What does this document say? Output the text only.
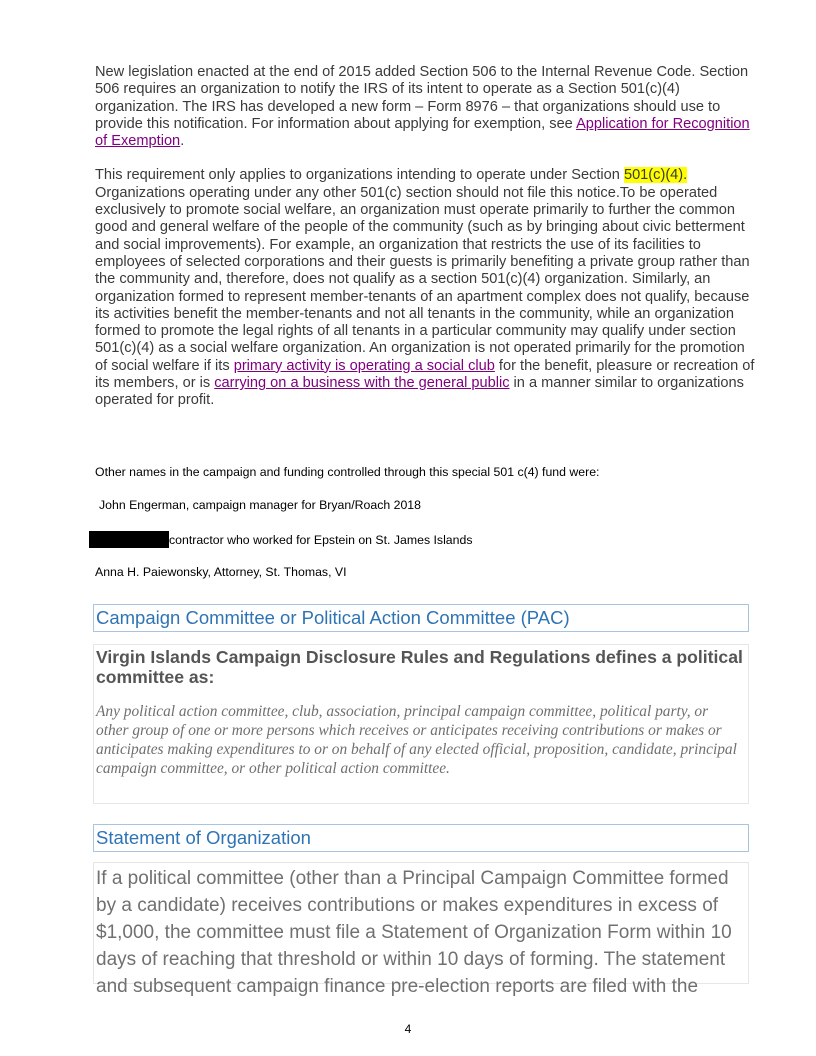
New legislation enacted at the end of 2015 added Section 506 to the Internal Revenue Code. Section 506 requires an organization to notify the IRS of its intent to operate as a Section 501(c)(4) organization. The IRS has developed a new form – Form 8976 – that organizations should use to provide this notification. For information about applying for exemption, see Application for Recognition of Exemption.

This requirement only applies to organizations intending to operate under Section 501(c)(4). Organizations operating under any other 501(c) section should not file this notice.To be operated exclusively to promote social welfare, an organization must operate primarily to further the common good and general welfare of the people of the community (such as by bringing about civic betterment and social improvements). For example, an organization that restricts the use of its facilities to employees of selected corporations and their guests is primarily benefiting a private group rather than the community and, therefore, does not qualify as a section 501(c)(4) organization. Similarly, an organization formed to represent member-tenants of an apartment complex does not qualify, because its activities benefit the member-tenants and not all tenants in the community, while an organization formed to promote the legal rights of all tenants in a particular community may qualify under section 501(c)(4) as a social welfare organization. An organization is not operated primarily for the promotion of social welfare if its primary activity is operating a social club for the benefit, pleasure or recreation of its members, or is carrying on a business with the general public in a manner similar to organizations operated for profit.

Other names in the campaign and funding controlled through this special 501 c(4) fund were:

John Engerman, campaign manager for Bryan/Roach 2018

contractor who worked for Epstein on St. James Islands

Anna H. Paiewonsky, Attorney, St. Thomas, VI

Campaign Committee or Political Action Committee (PAC)

Virgin Islands Campaign Disclosure Rules and Regulations defines a political committee as:

Any political action committee, club, association, principal campaign committee, political party, or other group of one or more persons which receives or anticipates receiving contributions or makes or anticipates making expenditures to or on behalf of any elected official, proposition, candidate, principal campaign committee, or other political action committee.

Statement of Organization

If a political committee (other than a Principal Campaign Committee formed by a candidate) receives contributions or makes expenditures in excess of $1,000, the committee must file a Statement of Organization Form within 10 days of reaching that threshold or within 10 days of forming. The statement and subsequent campaign finance pre-election reports are filed with the

4
